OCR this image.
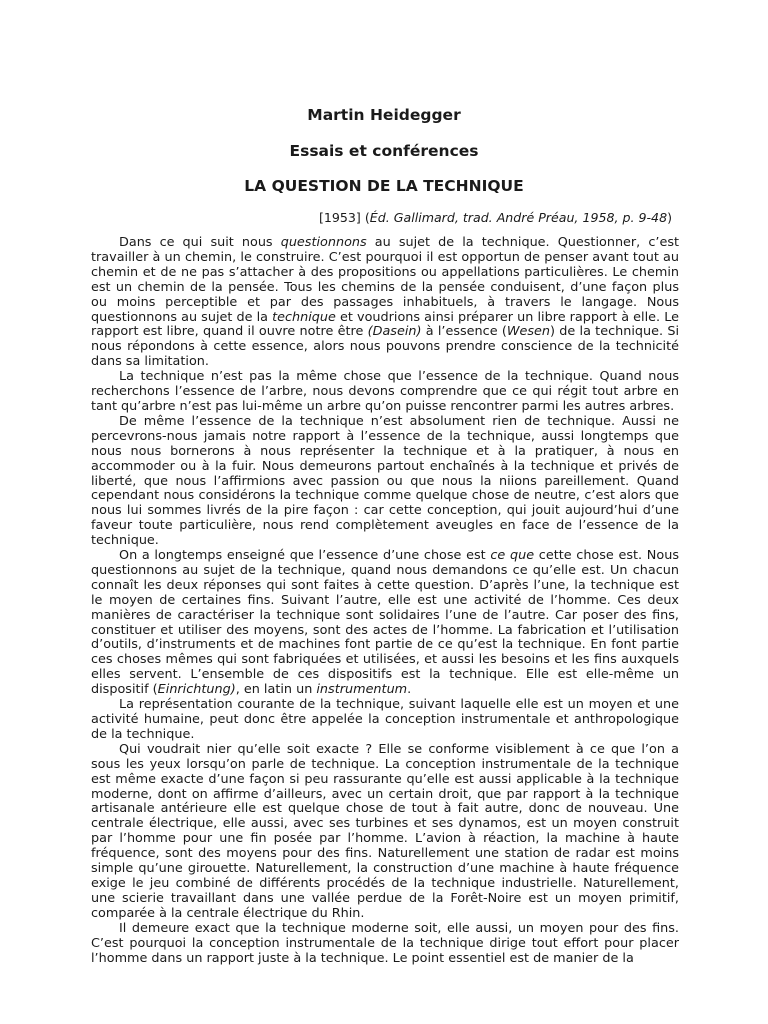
Martin Heidegger
Essais et conférences
LA QUESTION DE LA TECHNIQUE
[1953] (Éd. Gallimard, trad. André Préau, 1958, p. 9-48)

Dans ce qui suit nous questionnons au sujet de la technique. Questionner, c’est travailler à un chemin, le construire. C’est pourquoi il est opportun de penser avant tout au chemin et de ne pas s’attacher à des propositions ou appellations particulières. Le chemin est un chemin de la pensée. Tous les chemins de la pensée conduisent, d’une façon plus ou moins perceptible et par des passages inhabituels, à travers le langage. Nous questionnons au sujet de la technique et voudrions ainsi préparer un libre rapport à elle. Le rapport est libre, quand il ouvre notre être (Dasein) à l’essence (Wesen) de la technique. Si nous répondons à cette essence, alors nous pouvons prendre conscience de la technicité dans sa limitation.

La technique n’est pas la même chose que l’essence de la technique. Quand nous recherchons l’essence de l’arbre, nous devons comprendre que ce qui régit tout arbre en tant qu’arbre n’est pas lui-même un arbre qu’on puisse rencontrer parmi les autres arbres.

De même l’essence de la technique n’est absolument rien de technique. Aussi ne percevrons-nous jamais notre rapport à l’essence de la technique, aussi longtemps que nous nous bornerons à nous représenter la technique et à la pratiquer, à nous en accommoder ou à la fuir. Nous demeurons partout enchaînés à la technique et privés de liberté, que nous l’affirmions avec passion ou que nous la niions pareillement. Quand cependant nous considérons la technique comme quelque chose de neutre, c’est alors que nous lui sommes livrés de la pire façon : car cette conception, qui jouit aujourd’hui d’une faveur toute particulière, nous rend complètement aveugles en face de l’essence de la technique.

On a longtemps enseigné que l’essence d’une chose est ce que cette chose est. Nous questionnons au sujet de la technique, quand nous demandons ce qu’elle est. Un chacun connaît les deux réponses qui sont faites à cette question. D’après l’une, la technique est le moyen de certaines fins. Suivant l’autre, elle est une activité de l’homme. Ces deux manières de caractériser la technique sont solidaires l’une de l’autre. Car poser des fins, constituer et utiliser des moyens, sont des actes de l’homme. La fabrication et l’utilisation d’outils, d’instruments et de machines font partie de ce qu’est la technique. En font partie ces choses mêmes qui sont fabriquées et utilisées, et aussi les besoins et les fins auxquels elles servent. L’ensemble de ces dispositifs est la technique. Elle est elle-même un dispositif (Einrichtung), en latin un instrumentum.

La représentation courante de la technique, suivant laquelle elle est un moyen et une activité humaine, peut donc être appelée la conception instrumentale et anthropologique de la technique.

Qui voudrait nier qu’elle soit exacte ? Elle se conforme visiblement à ce que l’on a sous les yeux lorsqu’on parle de technique. La conception instrumentale de la technique est même exacte d’une façon si peu rassurante qu’elle est aussi applicable à la technique moderne, dont on affirme d’ailleurs, avec un certain droit, que par rapport à la technique artisanale antérieure elle est quelque chose de tout à fait autre, donc de nouveau. Une centrale électrique, elle aussi, avec ses turbines et ses dynamos, est un moyen construit par l’homme pour une fin posée par l’homme. L’avion à réaction, la machine à haute fréquence, sont des moyens pour des fins. Naturellement une station de radar est moins simple qu’une girouette. Naturellement, la construction d’une machine à haute fréquence exige le jeu combiné de différents procédés de la technique industrielle. Naturellement, une scierie travaillant dans une vallée perdue de la Forêt-Noire est un moyen primitif, comparée à la centrale électrique du Rhin.

Il demeure exact que la technique moderne soit, elle aussi, un moyen pour des fins. C’est pourquoi la conception instrumentale de la technique dirige tout effort pour placer l’homme dans un rapport juste à la technique. Le point essentiel est de manier de la
